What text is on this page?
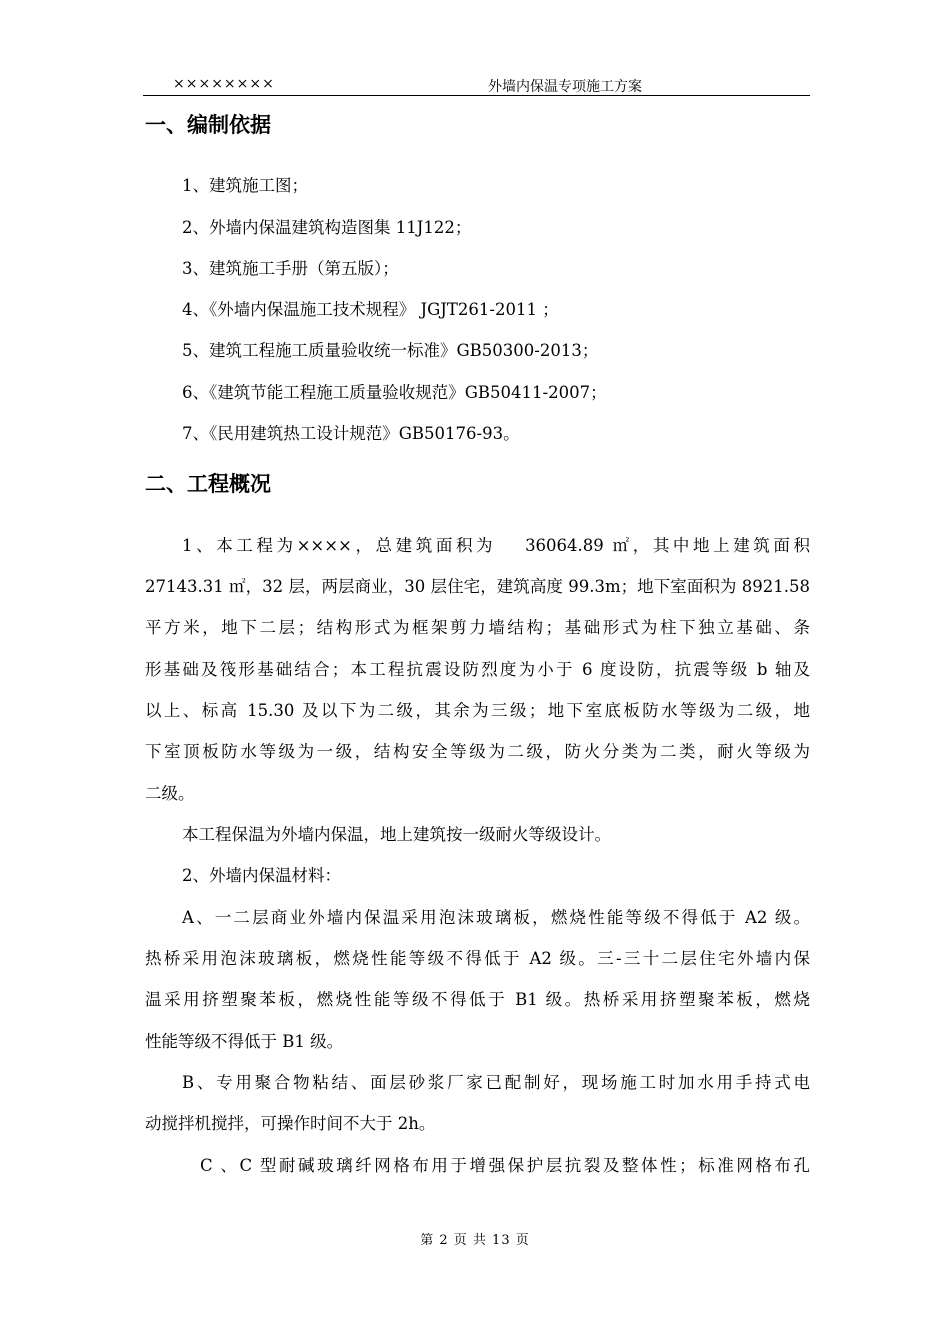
××××××××	外墙内保温专项施工方案
一、编制依据
1、建筑施工图；
2、外墙内保温建筑构造图集 11J122；
3、建筑施工手册（第五版）；
4、《外墙内保温施工技术规程》 JGJT261-2011 ；
5、建筑工程施工质量验收统一标准》GB50300-2013；
6、《建筑节能工程施工质量验收规范》GB50411-2007；
7、《民用建筑热工设计规范》GB50176-93。
二、工程概况
1、本工程为××××，总建筑面积为　 36064.89 ㎡，其中地上建筑面积
27143.31 ㎡，32 层，两层商业，30 层住宅，建筑高度 99.3m；地下室面积为 8921.58
平方米，地下二层；结构形式为框架剪力墙结构；基础形式为柱下独立基础、条
形基础及筏形基础结合；本工程抗震设防烈度为小于 6 度设防，抗震等级 b 轴及
以上、标高 15.30 及以下为二级，其余为三级；地下室底板防水等级为二级，地
下室顶板防水等级为一级，结构安全等级为二级，防火分类为二类，耐火等级为
二级。
本工程保温为外墙内保温，地上建筑按一级耐火等级设计。
2、外墙内保温材料：
A、一二层商业外墙内保温采用泡沫玻璃板，燃烧性能等级不得低于 A2 级。
热桥采用泡沫玻璃板，燃烧性能等级不得低于 A2 级。三-三十二层住宅外墙内保
温采用挤塑聚苯板，燃烧性能等级不得低于 B1 级。热桥采用挤塑聚苯板，燃烧
性能等级不得低于 B1 级。
B、专用聚合物粘结、面层砂浆厂家已配制好，现场施工时加水用手持式电
动搅拌机搅拌，可操作时间不大于 2h。
C 、C 型耐碱玻璃纤网格布用于增强保护层抗裂及整体性；标准网格布孔
第 2 页 共 13 页
